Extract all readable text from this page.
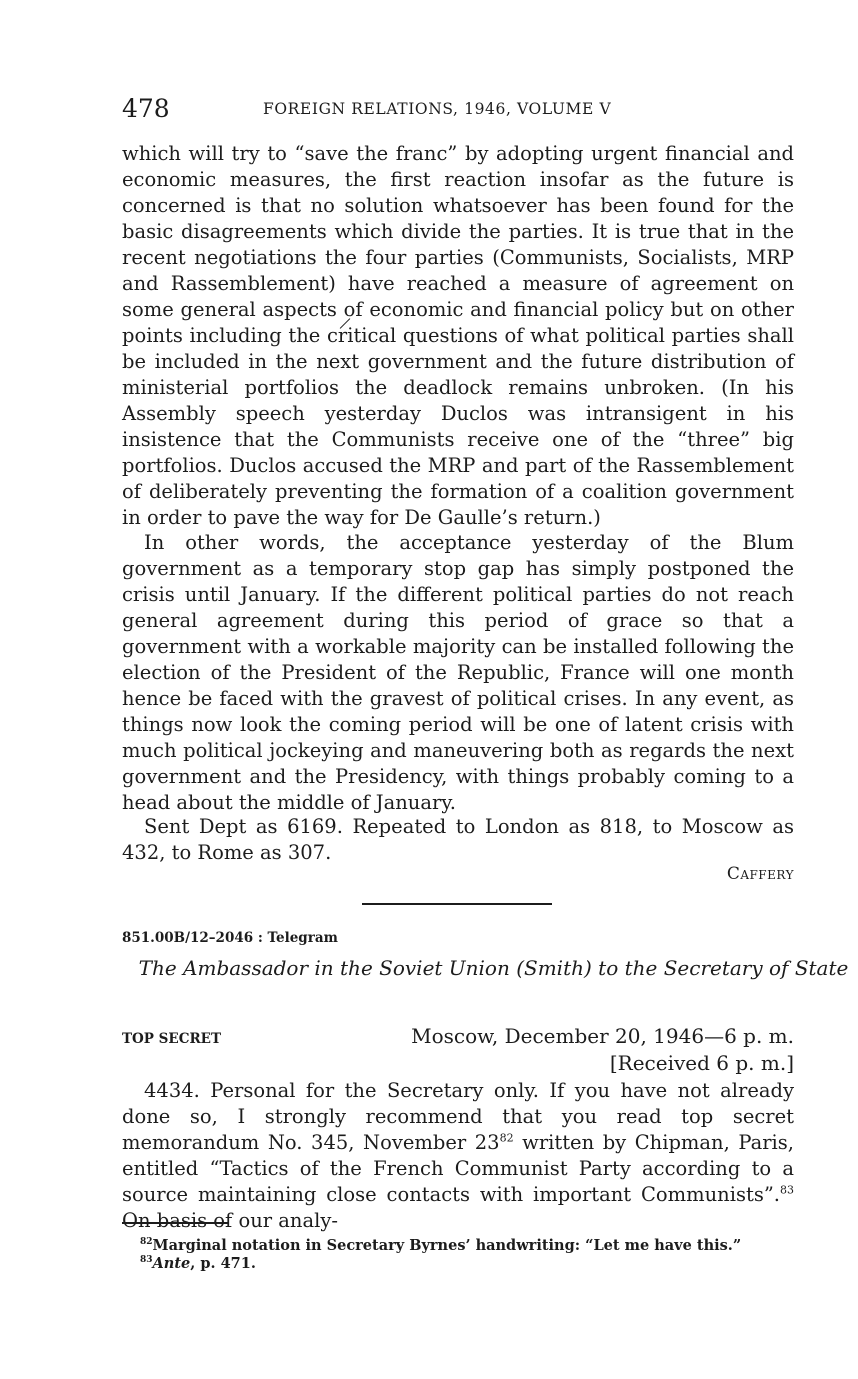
478	FOREIGN RELATIONS, 1946, VOLUME V

which will try to “save the franc” by adopting urgent financial and economic measures, the first reaction insofar as the future is concerned is that no solution whatsoever has been found for the basic disagreements which divide the parties. It is true that in the recent negotiations the four parties (Communists, Socialists, MRP and Rassemblement) have reached a measure of agreement on some general aspects of economic and financial policy but on other points including the critical questions of what political parties shall be included in the next government and the future distribution of ministerial portfolios the deadlock remains unbroken. (In his Assembly speech yesterday Duclos was intransigent in his insistence that the Communists receive one of the “three” big portfolios. Duclos accused the MRP and part of the Rassemblement of deliberately preventing the formation of a coalition government in order to pave the way for De Gaulle’s return.)

In other words, the acceptance yesterday of the Blum government as a temporary stop gap has simply postponed the crisis until January. If the different political parties do not reach general agreement during this period of grace so that a government with a workable majority can be installed following the election of the President of the Republic, France will one month hence be faced with the gravest of political crises. In any event, as things now look the coming period will be one of latent crisis with much political jockeying and maneuvering both as regards the next government and the Presidency, with things probably coming to a head about the middle of January.

Sent Dept as 6169. Repeated to London as 818, to Moscow as 432, to Rome as 307.

Caffery
851.00B/12–2046 : Telegram

The Ambassador in the Soviet Union (Smith) to the Secretary of State

TOP SECRET	Moscow, December 20, 1946—6 p. m.
[Received 6 p. m.]

4434. Personal for the Secretary only. If you have not already done so, I strongly recommend that you read top secret memorandum No. 345, November $23^{82}$ written by Chipman, Paris, entitled “Tactics of the French Communist Party according to a source maintaining close contacts with important Communists”.$^{83}$ On basis of our analy-

$^{82}$Marginal notation in Secretary Byrnes’ handwriting: “Let me have this.”
$^{83}$Ante, p. 471.
